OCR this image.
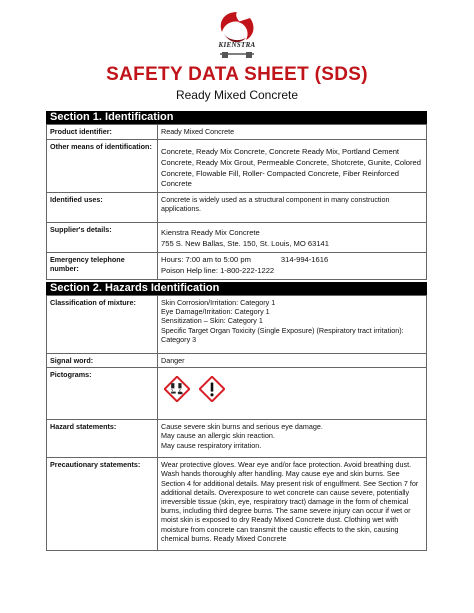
KIENSTRA
SAFETY DATA SHEET (SDS)
Ready Mixed Concrete
Section 1. Identification
Product identifier:	Ready Mixed Concrete
Other means of identification:	Concrete, Ready Mix Concrete, Concrete Ready Mix, Portland Cement Concrete, Ready Mix Grout, Permeable Concrete, Shotcrete, Gunite, Colored Concrete, Flowable Fill, Roller- Compacted Concrete, Fiber Reinforced Concrete
Identified uses:	Concrete is widely used as a structural component in many construction applications.
Supplier's details:	Kienstra Ready Mix Concrete
755 S. New Ballas, Ste. 150, St. Louis, MO 63141

Emergency telephone number:	Hours: 7:00 am to 5:00 pm 314-994-1616
Poison Help line: 1-800-222-1222
Section 2. Hazards Identification
Classification of mixture:	Skin Corrosion/Irritation: Category 1
Eye Damage/Irritation: Category 1
Sensitization – Skin: Category 1
Specific Target Organ Toxicity (Single Exposure) (Respiratory tract irritation): Category 3

Signal word:	Danger
Pictograms:	
Hazard statements:	Cause severe skin burns and serious eye damage.
May cause an allergic skin reaction.
May cause respiratory irritation.

Precautionary statements:	Wear protective gloves. Wear eye and/or face protection. Avoid breathing dust. Wash hands thoroughly after handling. May cause eye and skin burns. See Section 4 for additional details. May present risk of engulfment. See Section 7 for additional details. Overexposure to wet concrete can cause severe, potentially irreversible tissue (skin, eye, respiratory tract) damage in the form of chemical burns, including third degree burns. The same severe injury can occur if wet or moist skin is exposed to dry Ready Mixed Concrete dust. Clothing wet with moisture from concrete can transmit the caustic effects to the skin, causing chemical burns. Ready Mixed Concrete
